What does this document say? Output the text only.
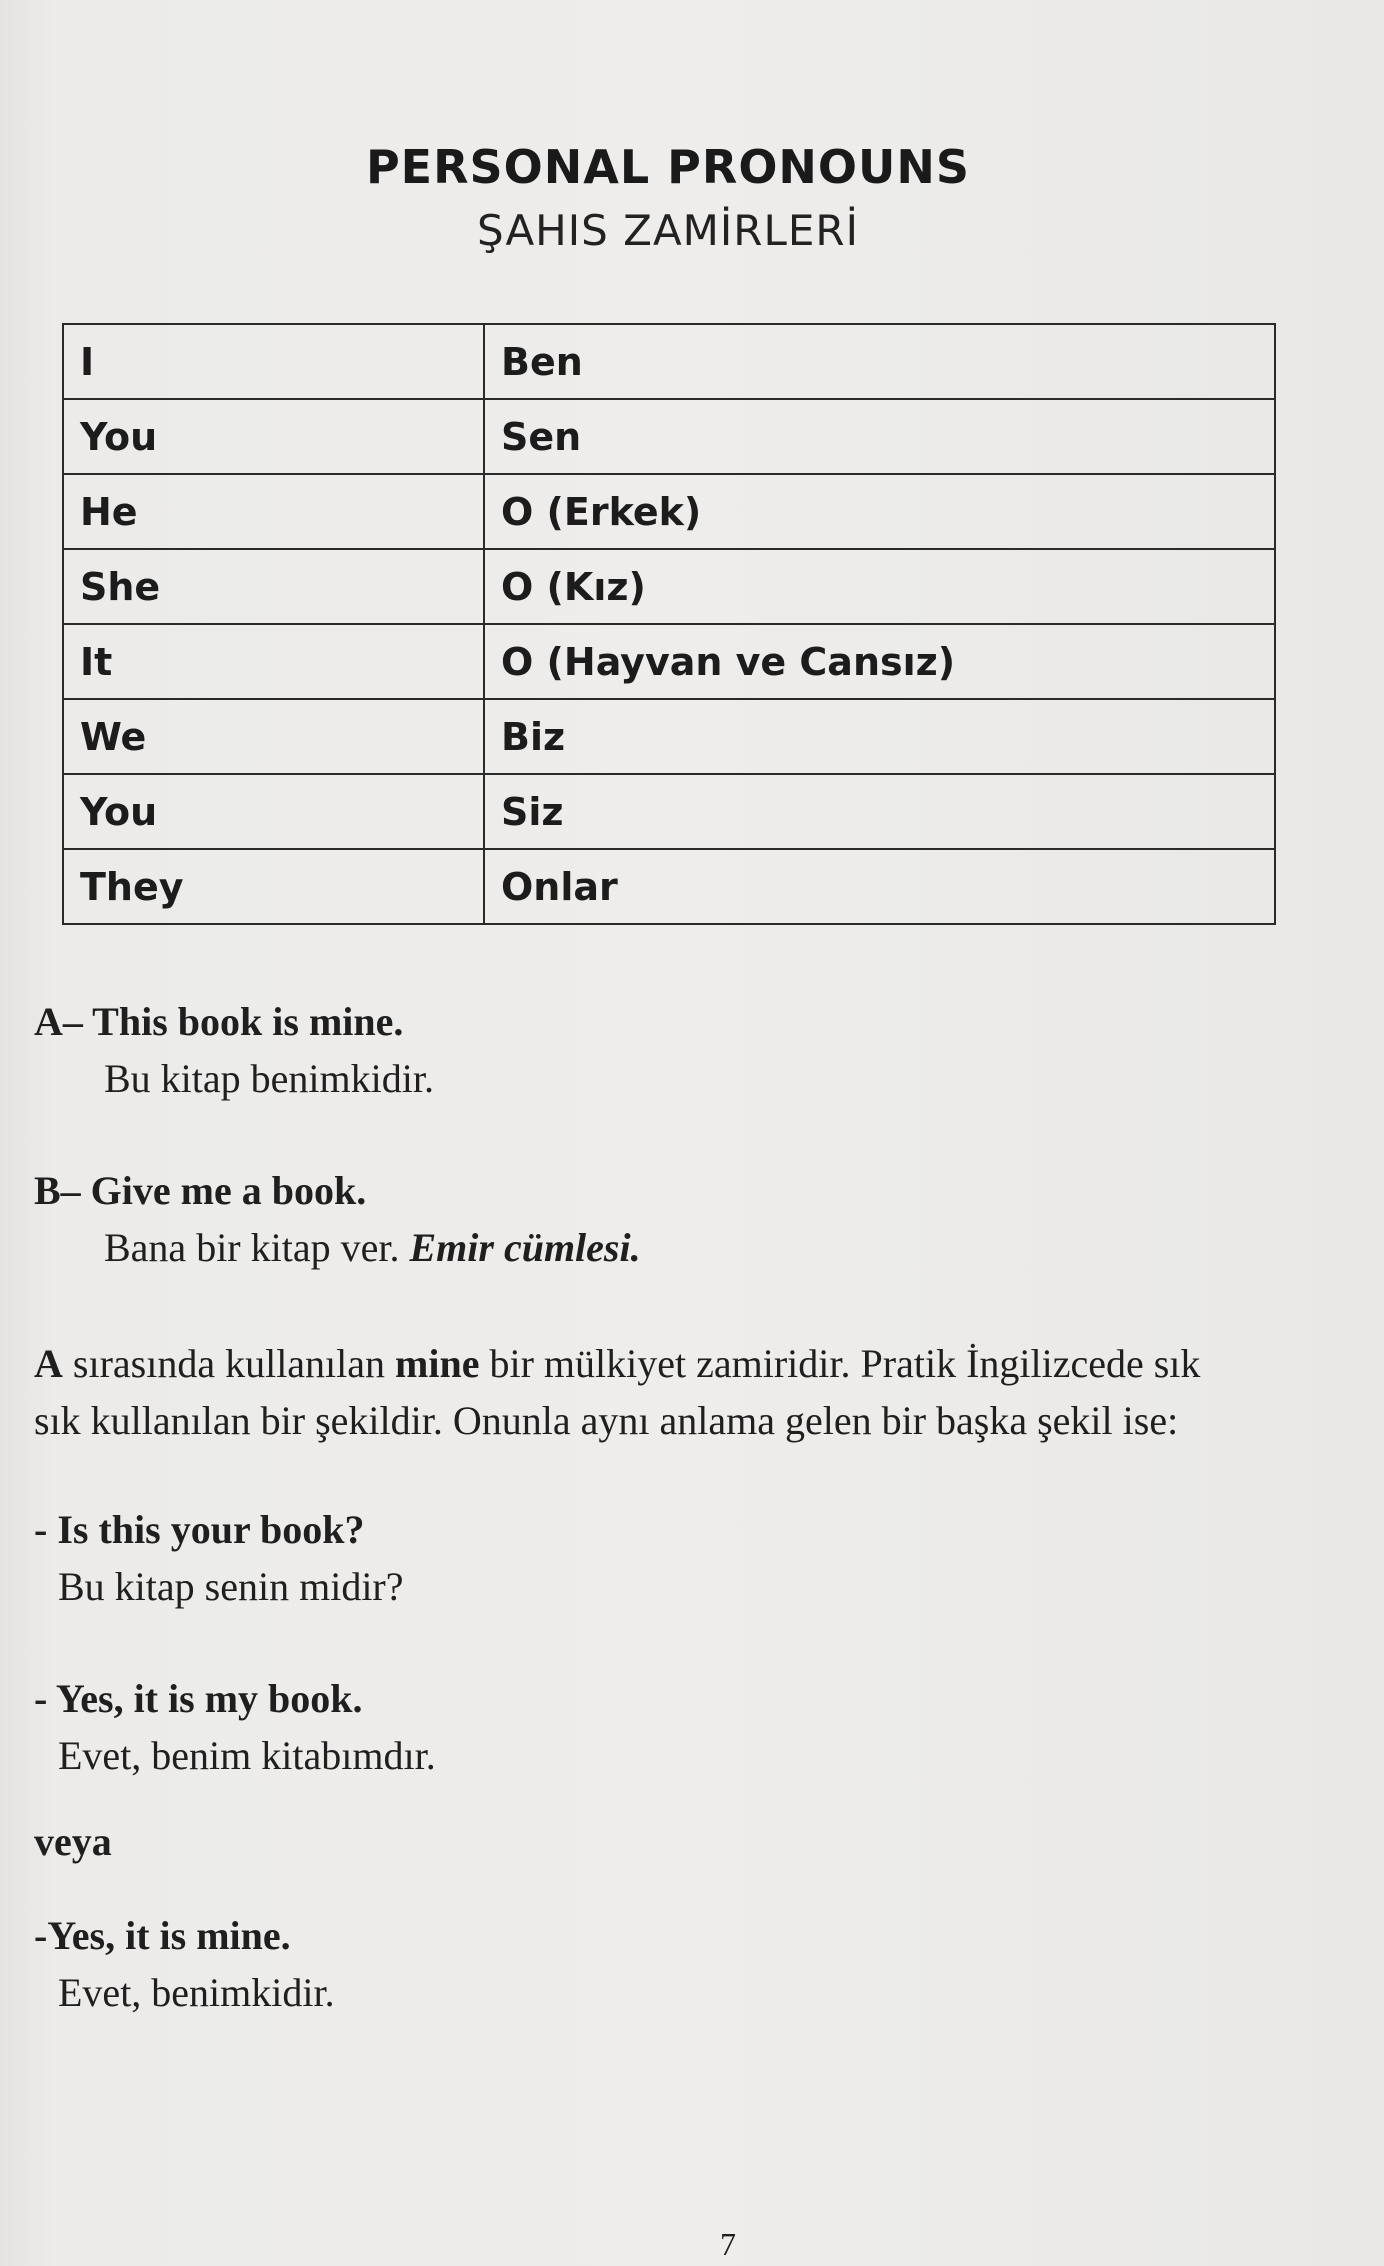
PERSONAL PRONOUNS
ŞAHIS ZAMİRLERİ
I	Ben
You	Sen
He	O (Erkek)
She	O (Kız)
It	O (Hayvan ve Cansız)
We	Biz
You	Siz
They	Onlar
A– This book is mine.
Bu kitap benimkidir.
B– Give me a book.
Bana bir kitap ver. Emir cümlesi.
A sırasında kullanılan mine bir mülkiyet zamiridir. Pratik İngilizcede sık
sık kullanılan bir şekildir. Onunla aynı anlama gelen bir başka şekil ise:
- Is this your book?
Bu kitap senin midir?
- Yes, it is my book.
Evet, benim kitabımdır.
veya
-Yes, it is mine.
Evet, benimkidir.
7
